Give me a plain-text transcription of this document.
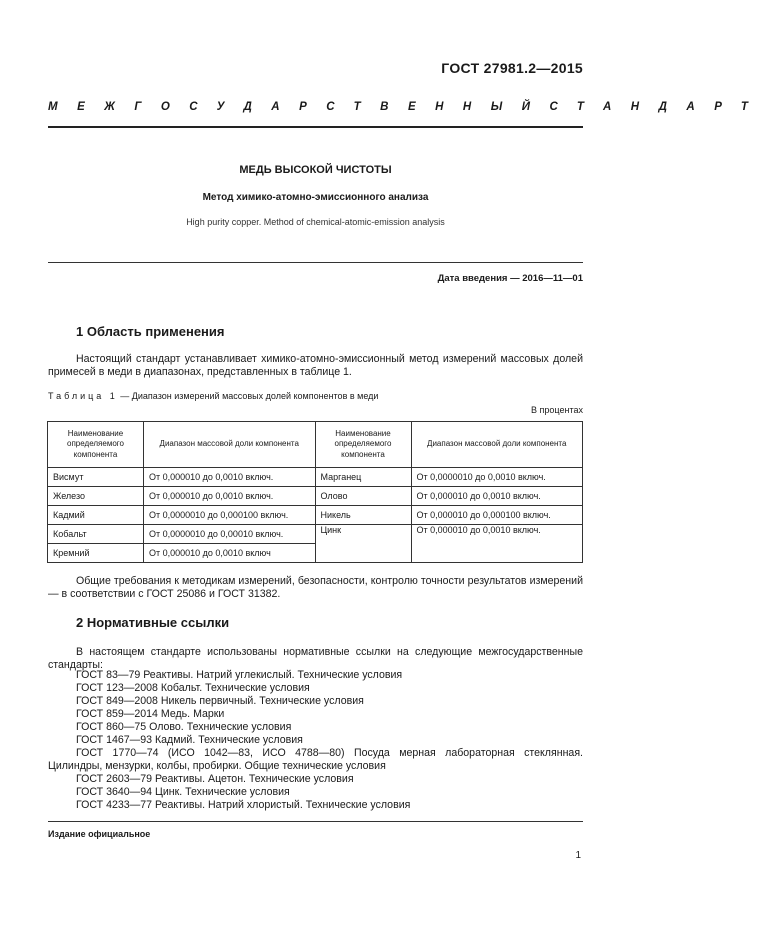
ГОСТ 27981.2—2015
МЕЖГОСУДАРСТВЕННЫЙ СТАНДАРТ
МЕДЬ ВЫСОКОЙ ЧИСТОТЫ
Метод химико-атомно-эмиссионного анализа
High purity copper. Method of chemical-atomic-emission analysis
Дата введения — 2016—11—01
1 Область применения
Настоящий стандарт устанавливает химико-атомно-эмиссионный метод измерений массовых долей примесей в меди в диапазонах, представленных в таблице 1.
Таблица 1 — Диапазон измерений массовых долей компонентов в меди
В процентах
Наименование определяемого компонента	Диапазон массовой доли компонента	Наименование определяемого компонента	Диапазон массовой доли компонента
Висмут	От 0,000010 до 0,0010 включ.	Марганец	От 0,0000010 до 0,0010 включ.
Железо	От 0,000010 до 0,0010 включ.	Олово	От 0,000010 до 0,0010 включ.
Кадмий	От 0,0000010 до 0,000100 включ.	Никель	От 0,000010 до 0,000100 включ.
Кобальт	От 0,0000010 до 0,00010 включ.	Цинк	От 0,000010 до 0,0010 включ.
Кремний	От 0,000010 до 0,0010 включ		
Общие требования к методикам измерений, безопасности, контролю точности результатов измерений — в соответствии с ГОСТ 25086 и ГОСТ 31382.
2 Нормативные ссылки
В настоящем стандарте использованы нормативные ссылки на следующие межгосударственные стандарты:
ГОСТ 83—79 Реактивы. Натрий углекислый. Технические условия
ГОСТ 123—2008 Кобальт. Технические условия
ГОСТ 849—2008 Никель первичный. Технические условия
ГОСТ 859—2014 Медь. Марки
ГОСТ 860—75 Олово. Технические условия
ГОСТ 1467—93 Кадмий. Технические условия
ГОСТ 1770—74 (ИСО 1042—83, ИСО 4788—80) Посуда мерная лабораторная стеклянная.
Цилиндры, мензурки, колбы, пробирки. Общие технические условия
ГОСТ 2603—79 Реактивы. Ацетон. Технические условия
ГОСТ 3640—94 Цинк. Технические условия
ГОСТ 4233—77 Реактивы. Натрий хлористый. Технические условия
Издание официальное
1
